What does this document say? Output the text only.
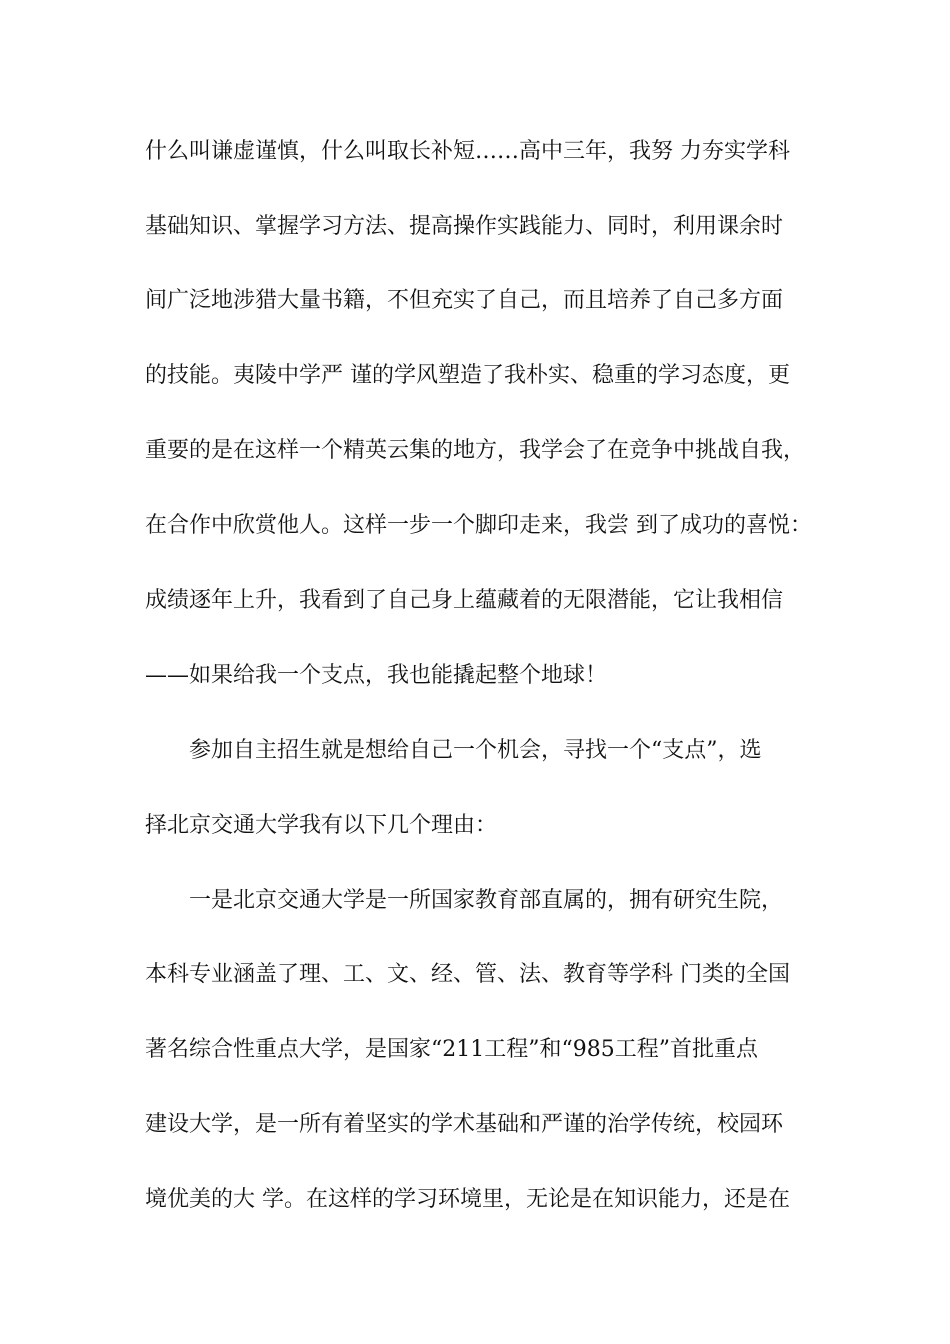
什么叫谦虚谨慎，什么叫取长补短……高中三年，我努 力夯实学科
基础知识、掌握学习方法、提高操作实践能力、同时，利用课余时
间广泛地涉猎大量书籍，不但充实了自己，而且培养了自己多方面
的技能。夷陵中学严 谨的学风塑造了我朴实、稳重的学习态度，更
重要的是在这样一个精英云集的地方，我学会了在竞争中挑战自我，
在合作中欣赏他人。这样一步一个脚印走来，我尝 到了成功的喜悦：
成绩逐年上升，我看到了自己身上蕴藏着的无限潜能，它让我相信
——如果给我一个支点，我也能撬起整个地球！
参加自主招生就是想给自己一个机会，寻找一个“支点”，选
择北京交通大学我有以下几个理由：
一是北京交通大学是一所国家教育部直属的，拥有研究生院，
本科专业涵盖了理、工、文、经、管、法、教育等学科 门类的全国
著名综合性重点大学，是国家“211工程”和“985工程”首批重点
建设大学，是一所有着坚实的学术基础和严谨的治学传统，校园环
境优美的大 学。在这样的学习环境里，无论是在知识能力，还是在
